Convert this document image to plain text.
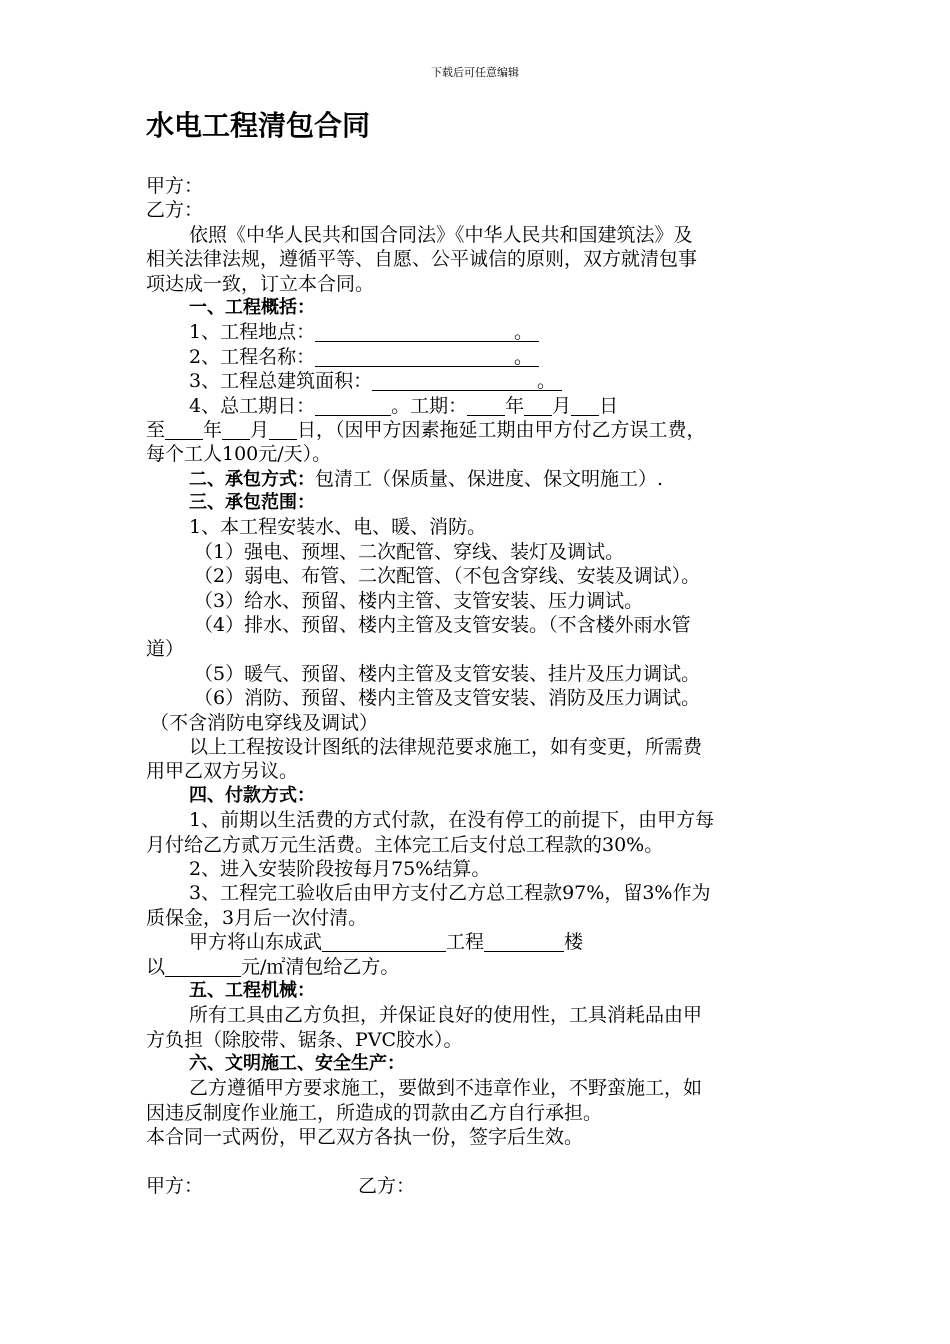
下载后可任意编辑
水电工程清包合同
甲方：
乙方：
依照《中华人民共和国合同法》《中华人民共和国建筑法》及
相关法律法规，遵循平等、自愿、公平诚信的原则，双方就清包事
项达成一致，订立本合同。
一、工程概括：
1、工程地点：	。
2、工程名称：	。
3、工程总建筑面积：	。
4、总工期日：	。工期： 年 月 日
至 年 月 日，（因甲方因素拖延工期由甲方付乙方误工费，
每个工人100元/天）。
二、承包方式：包清工（保质量、保进度、保文明施工）.
三、承包范围：
1、本工程安装水、电、暖、消防。
（1）强电、预埋、二次配管、穿线、装灯及调试。
（2）弱电、布管、二次配管、（不包含穿线、安装及调试）。
（3）给水、预留、楼内主管、支管安装、压力调试。
（4）排水、预留、楼内主管及支管安装。（不含楼外雨水管
道）
（5）暖气、预留、楼内主管及支管安装、挂片及压力调试。
（6）消防、预留、楼内主管及支管安装、消防及压力调试。
（不含消防电穿线及调试）
以上工程按设计图纸的法律规范要求施工，如有变更，所需费
用甲乙双方另议。
四、付款方式：
1、前期以生活费的方式付款，在没有停工的前提下，由甲方每
月付给乙方贰万元生活费。主体完工后支付总工程款的30%。
2、进入安装阶段按每月75%结算。
3、工程完工验收后由甲方支付乙方总工程款97%，留3%作为
质保金，3月后一次付清。
甲方将山东成武	工程	楼
以	元/㎡清包给乙方。
五、工程机械：
所有工具由乙方负担，并保证良好的使用性，工具消耗品由甲
方负担（除胶带、锯条、PVC胶水）。
六、文明施工、安全生产：
乙方遵循甲方要求施工，要做到不违章作业，不野蛮施工，如
因违反制度作业施工，所造成的罚款由乙方自行承担。
本合同一式两份，甲乙双方各执一份，签字后生效。
甲方：	乙方：
